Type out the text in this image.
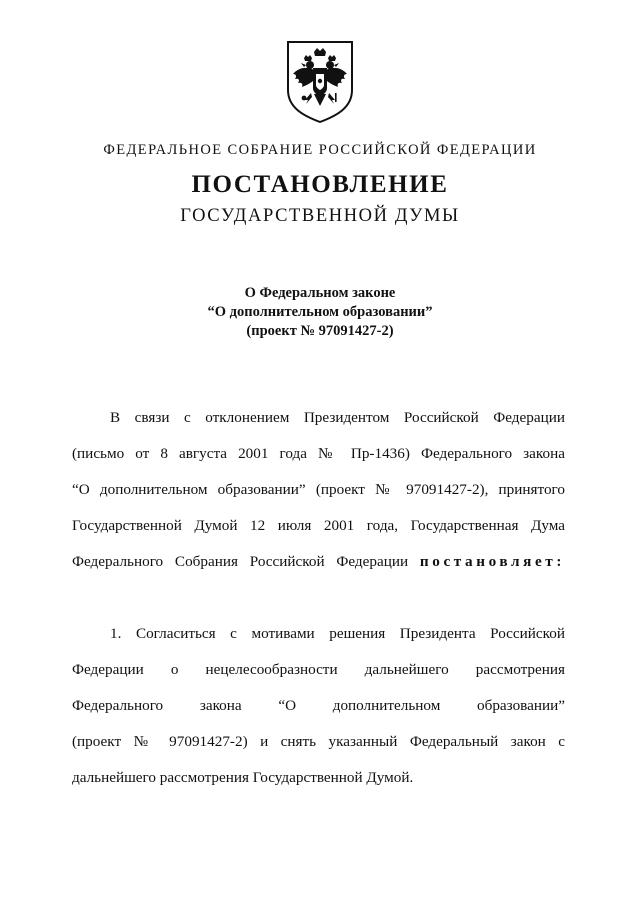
ФЕДЕРАЛЬНОЕ СОБРАНИЕ РОССИЙСКОЙ ФЕДЕРАЦИИ
ПОСТАНОВЛЕНИЕ
ГОСУДАРСТВЕННОЙ ДУМЫ
О Федеральном законе
“О дополнительном образовании”
(проект № 97091427-2)
В связи с отклонением Президентом Российской Федерации
(письмо от 8 августа 2001 года № Пр-1436) Федерального закона
“О дополнительном образовании” (проект № 97091427-2), принятого
Государственной Думой 12 июля 2001 года, Государственная Дума
Федерального Собрания Российской Федерации постановляет:
1. Согласиться с мотивами решения Президента Российской
Федерации о нецелесообразности дальнейшего рассмотрения
Федерального закона “О дополнительном образовании”
(проект № 97091427-2) и снять указанный Федеральный закон с
дальнейшего рассмотрения Государственной Думой.
